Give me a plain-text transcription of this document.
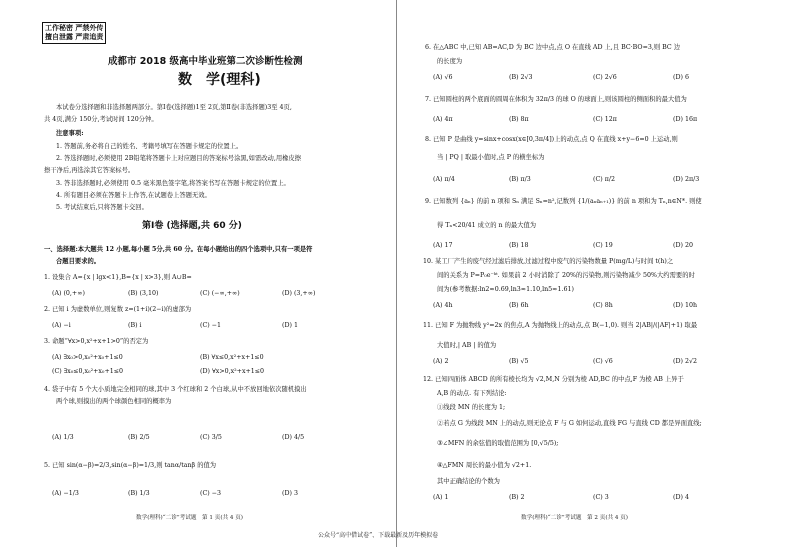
工作秘密 严禁外传
擅自泄露 严肃追责
成都市 2018 级高中毕业班第二次诊断性检测
数　学(理科)
本试卷分选择题和非选择题两部分。第Ⅰ卷(选择题)1至 2页,第Ⅱ卷(非选择题)3至 4页,
共 4页,满分 150分,考试时间 120分钟。
注意事项:
1. 答题前,务必将自己的姓名、考籍号填写在答题卡规定的位置上。
2. 答选择题时,必须使用 2B铅笔将答题卡上对应题目的答案标号涂黑,如需改动,用橡皮擦
擦干净后,再选涂其它答案标号。
3. 答非选择题时,必须使用 0.5 毫米黑色签字笔,将答案书写在答题卡规定的位置上。
4. 所有题目必须在答题卡上作答,在试题卷上答题无效。
5. 考试结束后,只将答题卡交回。
第Ⅰ卷 (选择题,共 60 分)
一、选择题:本大题共 12 小题,每小题 5分,共 60 分。在每小题给出的四个选项中,只有一项是符
合题目要求的。
1. 设集合 A={x | lgx<1},B={x | x>3},则 A∪B=
(A) (0,+∞)	(B) (3,10)	(C) (−∞,+∞)	(D) (3,+∞)
2. 已知 i 为虚数单位,则复数 z=(1+i)(2−i)的虚部为
(A) −i	(B) i	(C) −1	(D) 1
3. 命题“∀x>0,x²+x+1>0”的否定为
(A) ∃x₀>0,x₀²+x₀+1≤0	(B) ∀x≤0,x²+x+1≤0
(C) ∃x₀≤0,x₀²+x₀+1≤0	(D) ∀x>0,x²+x+1≤0
4. 袋子中有 5 个大小质地完全相同的球,其中 3 个红球和 2 个白球,从中不放回地依次随机摸出
两个球,则摸出的两个球颜色相同的概率为
(A) 1/3	(B) 2/5	(C) 3/5	(D) 4/5
5. 已知 sin(α−β)=2/3,sin(α−β)=1/3,则 tanα/tanβ 的值为
(A) −1/3	(B) 1/3	(C) −3	(D) 3
数学(理科)“二诊”考试题　第 1 页(共 4 页)
6. 在△ABC 中,已知 AB=AC,D 为 BC 边中点,点 O 在直线 AD 上,且 BC·BO=3,则 BC 边
的长度为
(A) √6	(B) 2√3	(C) 2√6	(D) 6
7. 已知圆柱的两个底面的圆周在体积为 32π/3 的球 O 的球面上,则该圆柱的侧面积的最大值为
(A) 4π	(B) 8π	(C) 12π	(D) 16π
8. 已知 P 是曲线 y=sinx+cosx(x∈[0,3π/4])上的动点,点 Q 在直线 x+y−6=0 上运动,则
当 | PQ | 取最小值时,点 P 的横坐标为
(A) π/4	(B) π/3	(C) π/2	(D) 2π/3
9. 已知数列 {aₙ} 的前 n 项和 Sₙ 满足 Sₙ=n²,记数列 {1/(aₙaₙ₊₁)} 的前 n 项和为 Tₙ,n∈N*. 则使
得 Tₙ<20/41 成立的 n 的最大值为
(A) 17	(B) 18	(C) 19	(D) 20
10. 某工厂产生的废气经过滤后排放,过滤过程中废气的污染物数量 P(mg/L)与时间 t(h)之
间的关系为 P=P₀e⁻ᵏᵗ. 如果前 2 小时消除了 20%的污染物,则污染物减少 50%大约需要的时
间为(参考数据:ln2≈0.69,ln3≈1.10,ln5≈1.61)
(A) 4h	(B) 6h	(C) 8h	(D) 10h
11. 已知 F 为抛物线 y²=2x 的焦点,A 为抛物线上的动点,点 B(−1,0). 则当 2|AB|/(|AF|+1) 取最
大值时,| AB | 的值为
(A) 2	(B) √5	(C) √6	(D) 2√2
12. 已知四面体 ABCD 的所有棱长均为 √2,M,N 分别为棱 AD,BC 的中点,F 为棱 AB 上异于
A,B 的动点. 有下列结论:
①线段 MN 的长度为 1;
②若点 G 为线段 MN 上的动点,则无论点 F 与 G 如何运动,直线 FG 与直线 CD 都是异面直线;
③∠MFN 的余弦值的取值范围为 [0,√5/5);
④△FMN 周长的最小值为 √2+1.
其中正确结论的个数为
(A) 1	(B) 2	(C) 3	(D) 4
数学(理科)“二诊”考试题　第 2 页(共 4 页)
公众号“高中借试卷”、下载最新及历年模拟卷
